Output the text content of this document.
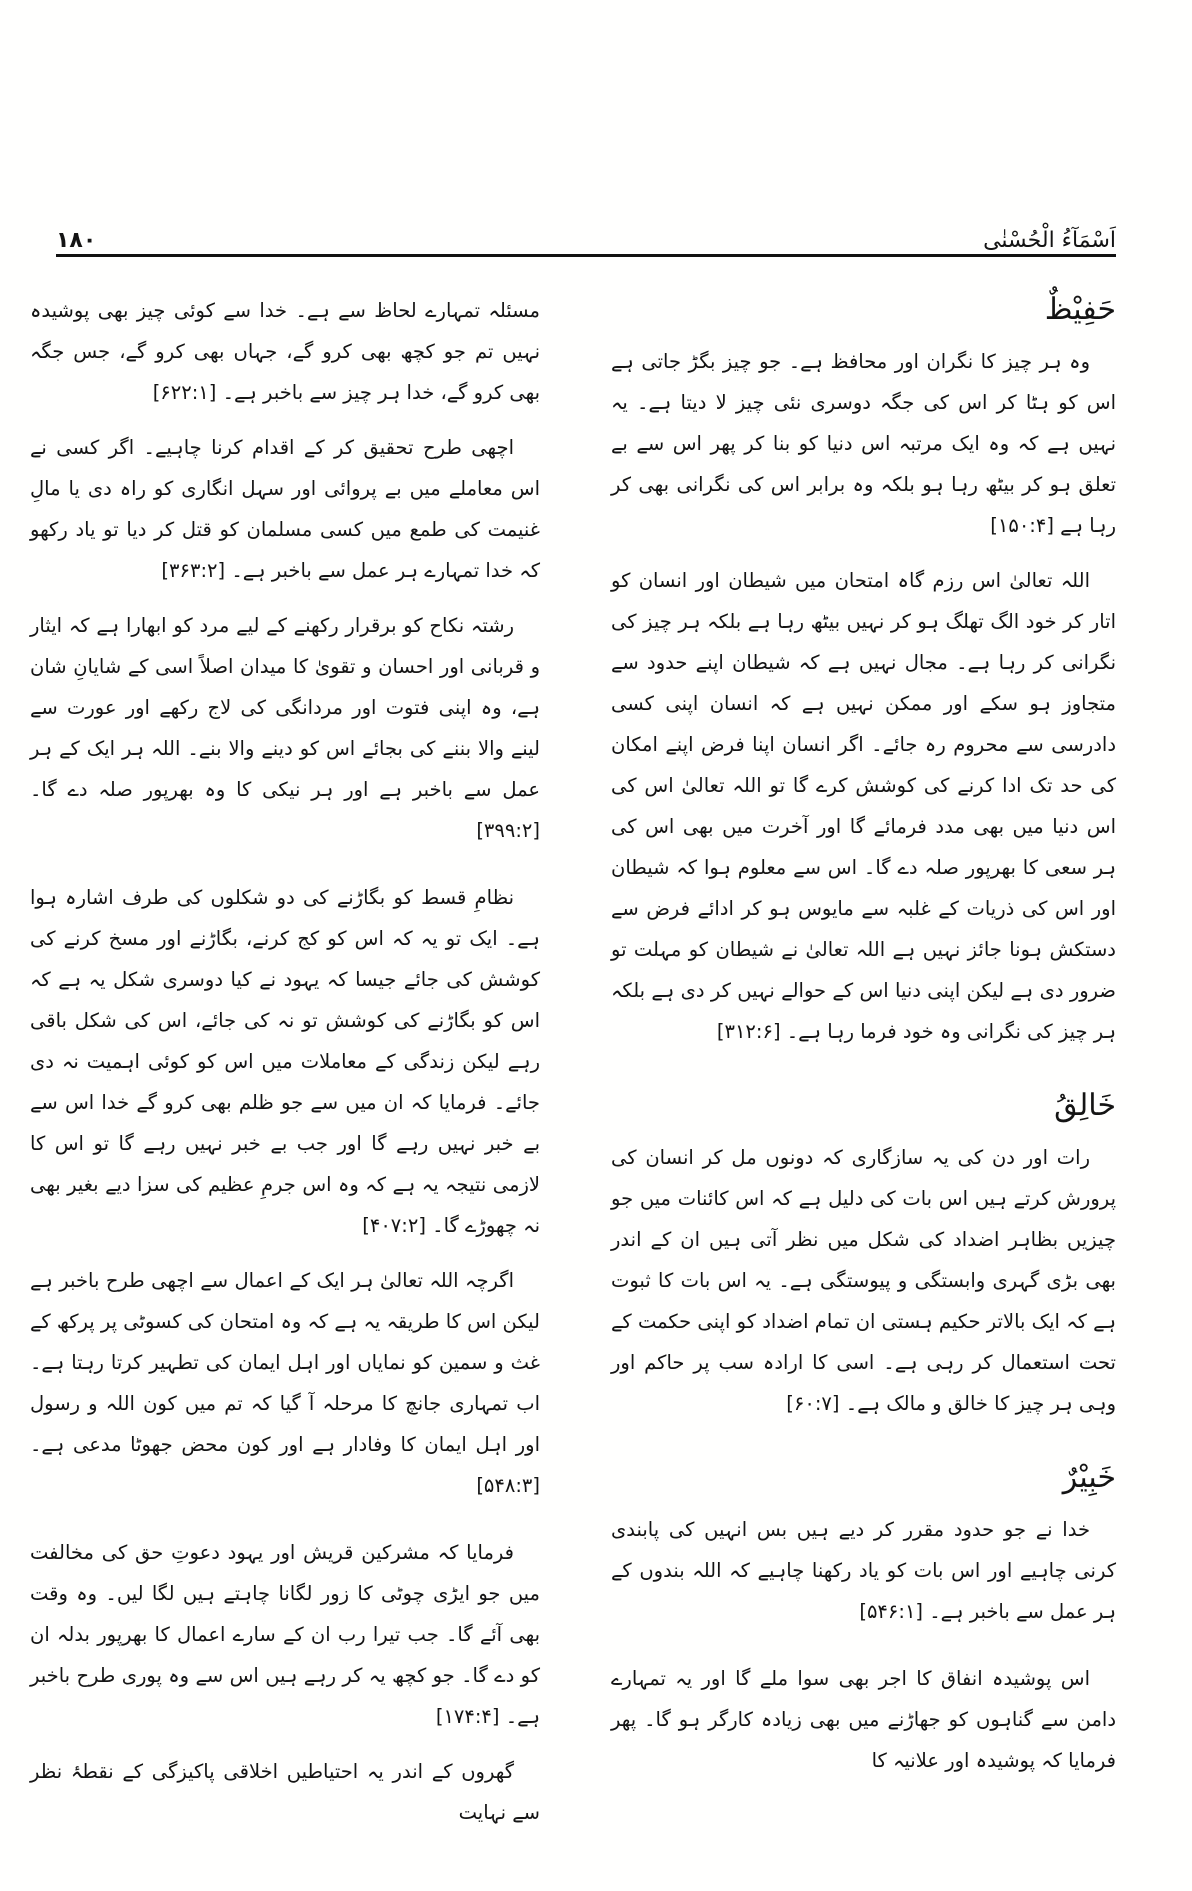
۱۸۰	اَسْمَآءُ الْحُسْنٰی
حَفِیْظٌ

وہ ہر چیز کا نگران اور محافظ ہے۔ جو چیز بگڑ جاتی ہے اس کو ہٹا کر اس کی جگہ دوسری نئی چیز لا دیتا ہے۔ یہ نہیں ہے کہ وہ ایک مرتبہ اس دنیا کو بنا کر پھر اس سے بے تعلق ہو کر بیٹھ رہا ہو بلکہ وہ برابر اس کی نگرانی بھی کر رہا ہے [۱۵۰:۴]

اللہ تعالیٰ اس رزم گاہ امتحان میں شیطان اور انسان کو اتار کر خود الگ تھلگ ہو کر نہیں بیٹھ رہا ہے بلکہ ہر چیز کی نگرانی کر رہا ہے۔ مجال نہیں ہے کہ شیطان اپنے حدود سے متجاوز ہو سکے اور ممکن نہیں ہے کہ انسان اپنی کسی دادرسی سے محروم رہ جائے۔ اگر انسان اپنا فرض اپنے امکان کی حد تک ادا کرنے کی کوشش کرے گا تو اللہ تعالیٰ اس کی اس دنیا میں بھی مدد فرمائے گا اور آخرت میں بھی اس کی ہر سعی کا بھرپور صلہ دے گا۔ اس سے معلوم ہوا کہ شیطان اور اس کی ذریات کے غلبہ سے مایوس ہو کر ادائے فرض سے دستکش ہونا جائز نہیں ہے اللہ تعالیٰ نے شیطان کو مہلت تو ضرور دی ہے لیکن اپنی دنیا اس کے حوالے نہیں کر دی ہے بلکہ ہر چیز کی نگرانی وہ خود فرما رہا ہے۔ [۳۱۲:۶]

خَالِقُ

رات اور دن کی یہ سازگاری کہ دونوں مل کر انسان کی پرورش کرتے ہیں اس بات کی دلیل ہے کہ اس کائنات میں جو چیزیں بظاہر اضداد کی شکل میں نظر آتی ہیں ان کے اندر بھی بڑی گہری وابستگی و پیوستگی ہے۔ یہ اس بات کا ثبوت ہے کہ ایک بالاتر حکیم ہستی ان تمام اضداد کو اپنی حکمت کے تحت استعمال کر رہی ہے۔ اسی کا ارادہ سب پر حاکم اور وہی ہر چیز کا خالق و مالک ہے۔ [۶۰:۷]

خَبِیْرٌ

خدا نے جو حدود مقرر کر دیے ہیں بس انہیں کی پابندی کرنی چاہیے اور اس بات کو یاد رکھنا چاہیے کہ اللہ بندوں کے ہر عمل سے باخبر ہے۔ [۵۴۶:۱]

اس پوشیدہ انفاق کا اجر بھی سوا ملے گا اور یہ تمہارے دامن سے گناہوں کو جھاڑنے میں بھی زیادہ کارگر ہو گا۔ پھر فرمایا کہ پوشیدہ اور علانیہ کا

مسئلہ تمہارے لحاظ سے ہے۔ خدا سے کوئی چیز بھی پوشیدہ نہیں تم جو کچھ بھی کرو گے، جہاں بھی کرو گے، جس جگہ بھی کرو گے، خدا ہر چیز سے باخبر ہے۔ [۶۲۲:۱]

اچھی طرح تحقیق کر کے اقدام کرنا چاہیے۔ اگر کسی نے اس معاملے میں بے پروائی اور سہل انگاری کو راہ دی یا مالِ غنیمت کی طمع میں کسی مسلمان کو قتل کر دیا تو یاد رکھو کہ خدا تمہارے ہر عمل سے باخبر ہے۔ [۳۶۳:۲]

رشتہ نکاح کو برقرار رکھنے کے لیے مرد کو ابھارا ہے کہ ایثار و قربانی اور احسان و تقویٰ کا میدان اصلاً اسی کے شایانِ شان ہے، وہ اپنی فتوت اور مردانگی کی لاج رکھے اور عورت سے لینے والا بننے کی بجائے اس کو دینے والا بنے۔ اللہ ہر ایک کے ہر عمل سے باخبر ہے اور ہر نیکی کا وہ بھرپور صلہ دے گا۔ [۳۹۹:۲]

نظامِ قسط کو بگاڑنے کی دو شکلوں کی طرف اشارہ ہوا ہے۔ ایک تو یہ کہ اس کو کج کرنے، بگاڑنے اور مسخ کرنے کی کوشش کی جائے جیسا کہ یہود نے کیا دوسری شکل یہ ہے کہ اس کو بگاڑنے کی کوشش تو نہ کی جائے، اس کی شکل باقی رہے لیکن زندگی کے معاملات میں اس کو کوئی اہمیت نہ دی جائے۔ فرمایا کہ ان میں سے جو ظلم بھی کرو گے خدا اس سے بے خبر نہیں رہے گا اور جب بے خبر نہیں رہے گا تو اس کا لازمی نتیجہ یہ ہے کہ وہ اس جرمِ عظیم کی سزا دیے بغیر بھی نہ چھوڑے گا۔ [۴۰۷:۲]

اگرچہ اللہ تعالیٰ ہر ایک کے اعمال سے اچھی طرح باخبر ہے لیکن اس کا طریقہ یہ ہے کہ وہ امتحان کی کسوٹی پر پرکھ کے غث و سمین کو نمایاں اور اہل ایمان کی تطہیر کرتا رہتا ہے۔ اب تمہاری جانچ کا مرحلہ آ گیا کہ تم میں کون اللہ و رسول اور اہل ایمان کا وفادار ہے اور کون محض جھوٹا مدعی ہے۔ [۵۴۸:۳]

فرمایا کہ مشرکین قریش اور یہود دعوتِ حق کی مخالفت میں جو ایڑی چوٹی کا زور لگانا چاہتے ہیں لگا لیں۔ وہ وقت بھی آئے گا۔ جب تیرا رب ان کے سارے اعمال کا بھرپور بدلہ ان کو دے گا۔ جو کچھ یہ کر رہے ہیں اس سے وہ پوری طرح باخبر ہے۔ [۱۷۴:۴]

گھروں کے اندر یہ احتیاطیں اخلاقی پاکیزگی کے نقطۂ نظر سے نہایت
